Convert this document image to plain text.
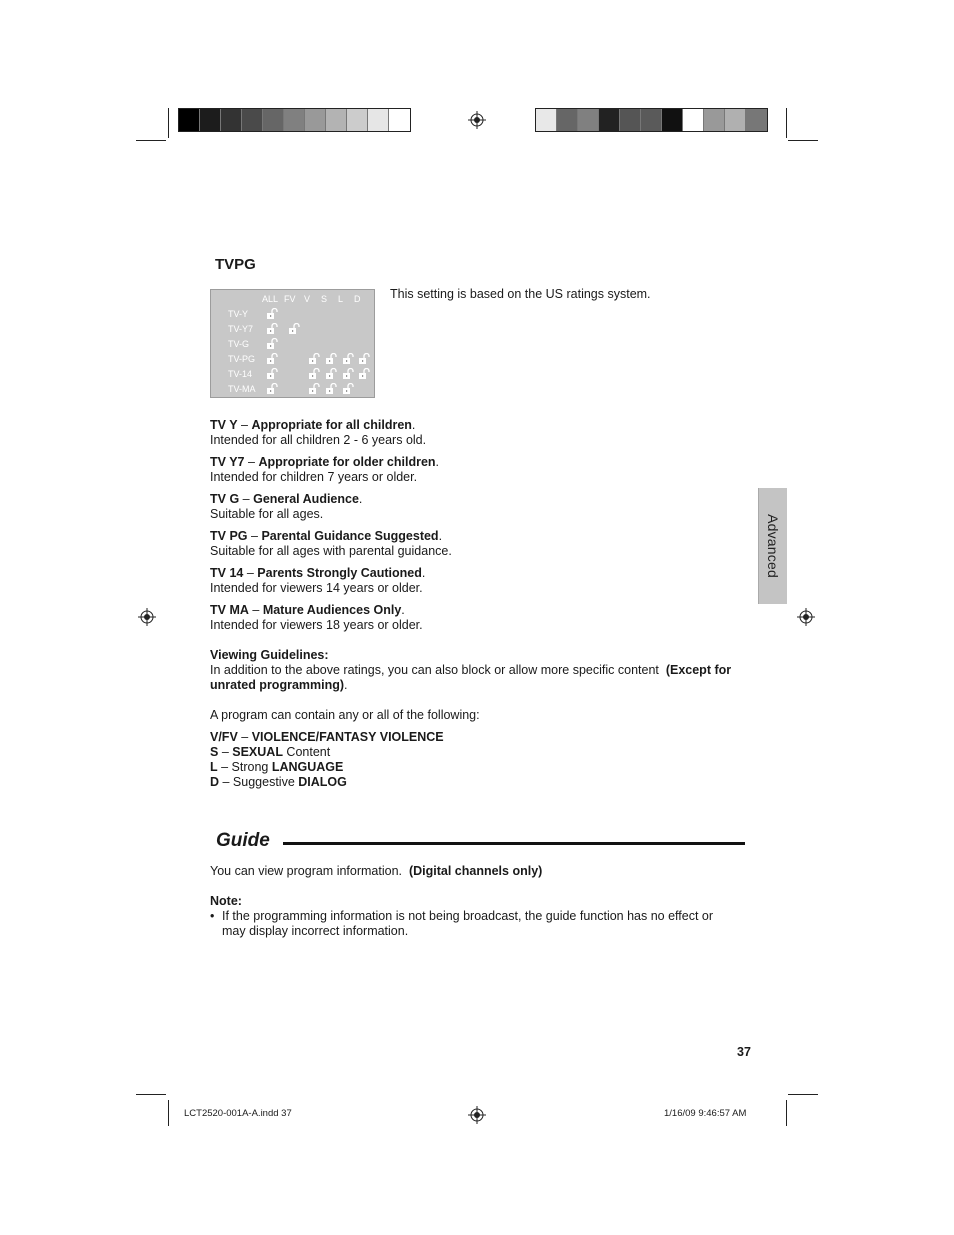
TVPG
ALL FV V S L D
TV-Y
TV-Y7
TV-G
TV-PG
TV-14
TV-MA
This setting is based on the US ratings system.
TV Y – Appropriate for all children.
Intended for all children 2 - 6 years old.
TV Y7 – Appropriate for older children.
Intended for children 7 years or older.
TV G – General Audience.
Suitable for all ages.
TV PG – Parental Guidance Suggested.
Suitable for all ages with parental guidance.
TV 14 – Parents Strongly Cautioned.
Intended for viewers 14 years or older.
TV MA – Mature Audiences Only.
Intended for viewers 18 years or older.
Viewing Guidelines:
In addition to the above ratings, you can also block or allow more specific content (Except for
unrated programming).
A program can contain any or all of the following:
V/FV – VIOLENCE/FANTASY VIOLENCE
S – SEXUAL Content
L – Strong LANGUAGE
D – Suggestive DIALOG
Guide
You can view program information. (Digital channels only)
Note:
• If the programming information is not being broadcast, the guide function has no effect or
may display incorrect information.
Advanced
37
LCT2520-001A-A.indd 37	1/16/09 9:46:57 AM
